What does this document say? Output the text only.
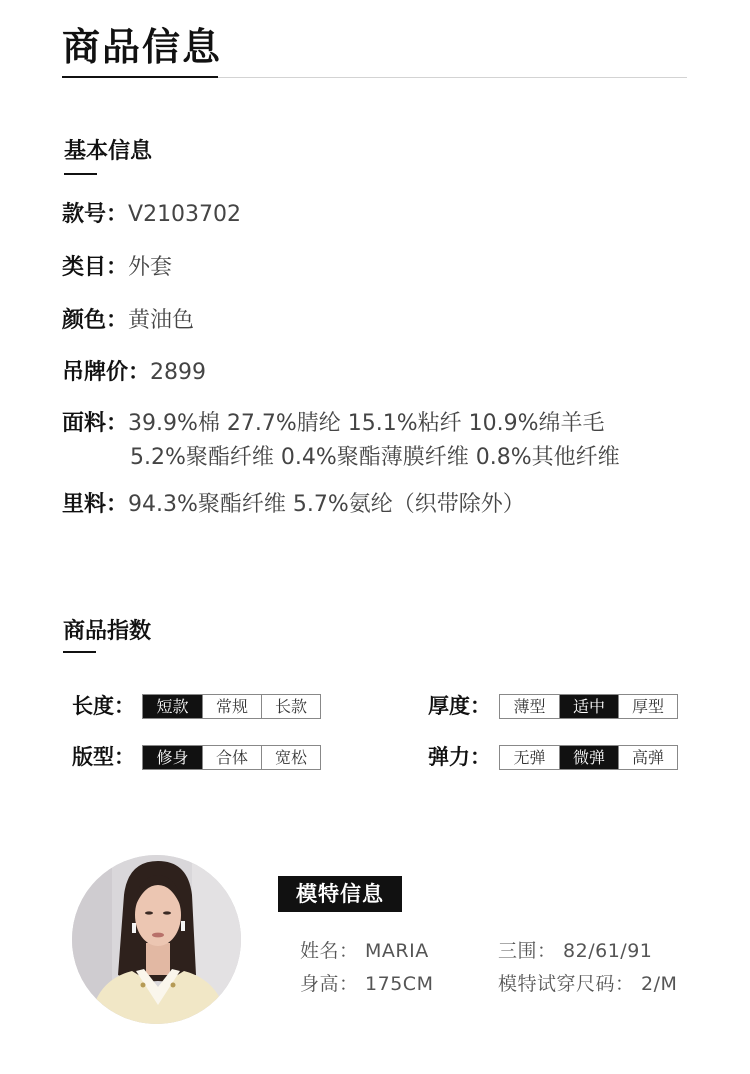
商品信息
基本信息
款号：V2103702
类目：外套
颜色：黄油色
吊牌价：2899
面料：39.9%棉 27.7%腈纶 15.1%粘纤 10.9%绵羊毛
5.2%聚酯纤维 0.4%聚酯薄膜纤维 0.8%其他纤维
里料：94.3%聚酯纤维 5.7%氨纶（织带除外）
商品指数
长度：	短款	常规	长款	厚度：	薄型	适中	厚型
版型：	修身	合体	宽松	弹力：	无弹	微弹	高弹
模特信息
姓名： MARIA
身高： 175CM
三围： 82/61/91
模特试穿尺码： 2/M
